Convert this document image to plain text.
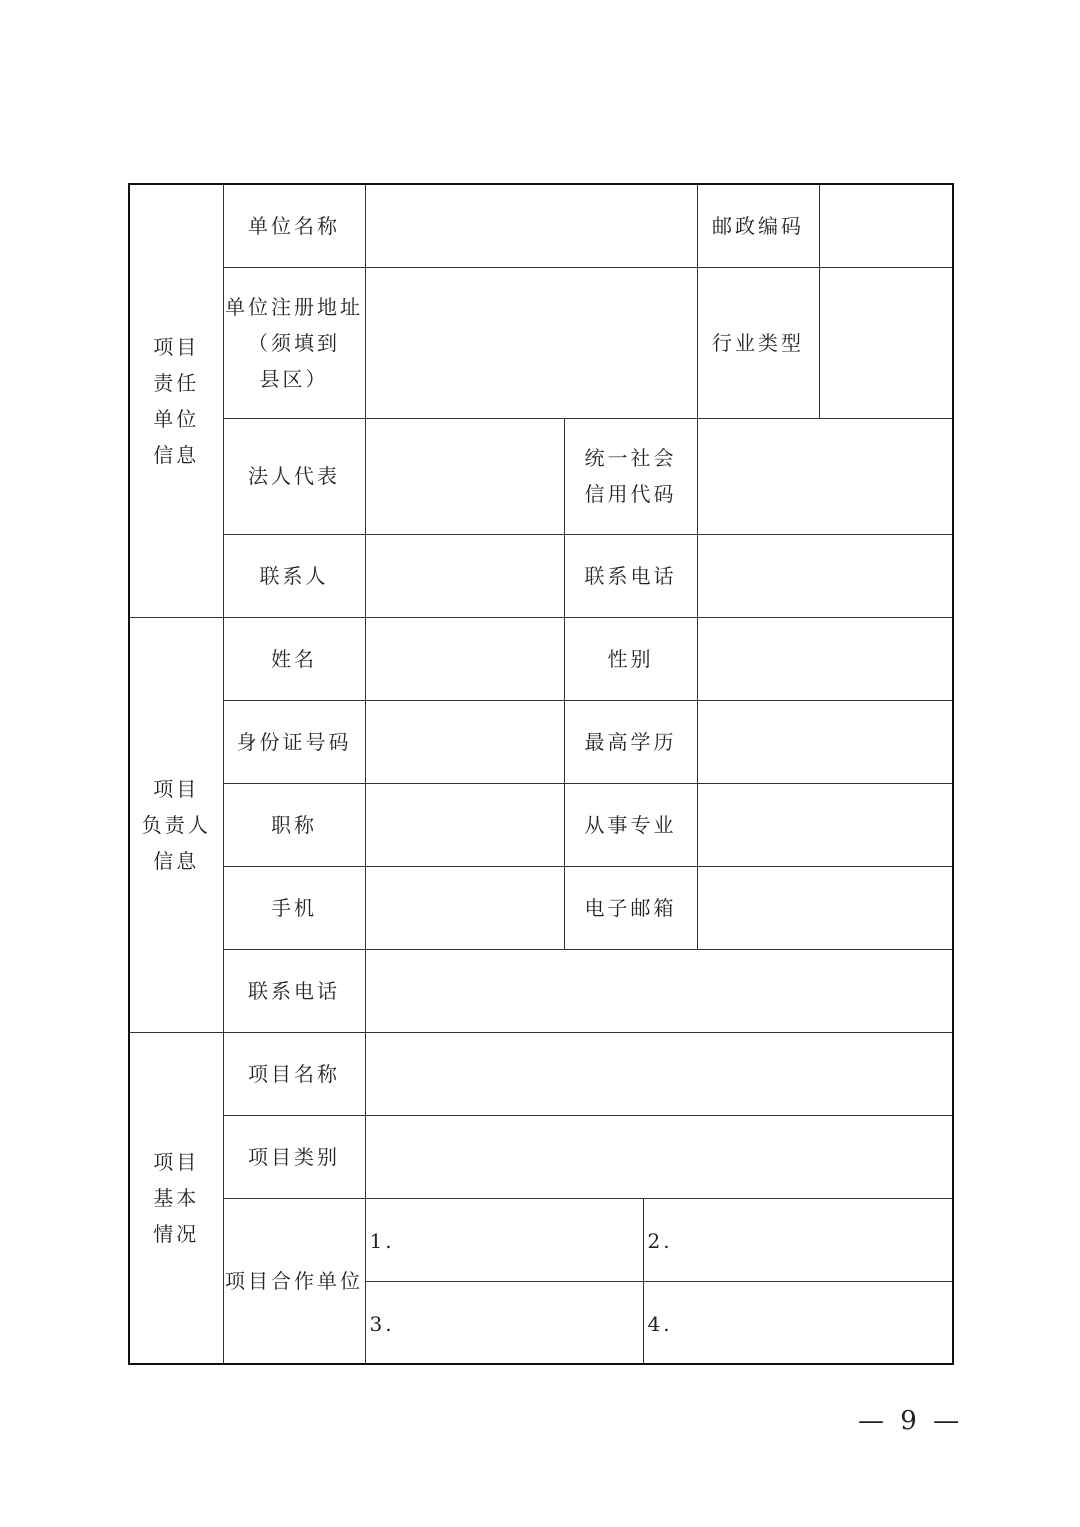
项目
责任
单位
信息	单位名称				邮政编码	
	单位注册地址
（须填到
县区）				行业类型	
	法人代表		统一社会
信用代码			
	联系人		联系电话			
项目
负责人
信息	姓名		性别			
	身份证号码		最高学历			
	职称		从事专业			
	手机		电子邮箱			
	联系电话					
项目
基本
情况	项目名称					
	项目类别					
	项目合作单位	1.		2.		
		3.		4.		
— 9 —
